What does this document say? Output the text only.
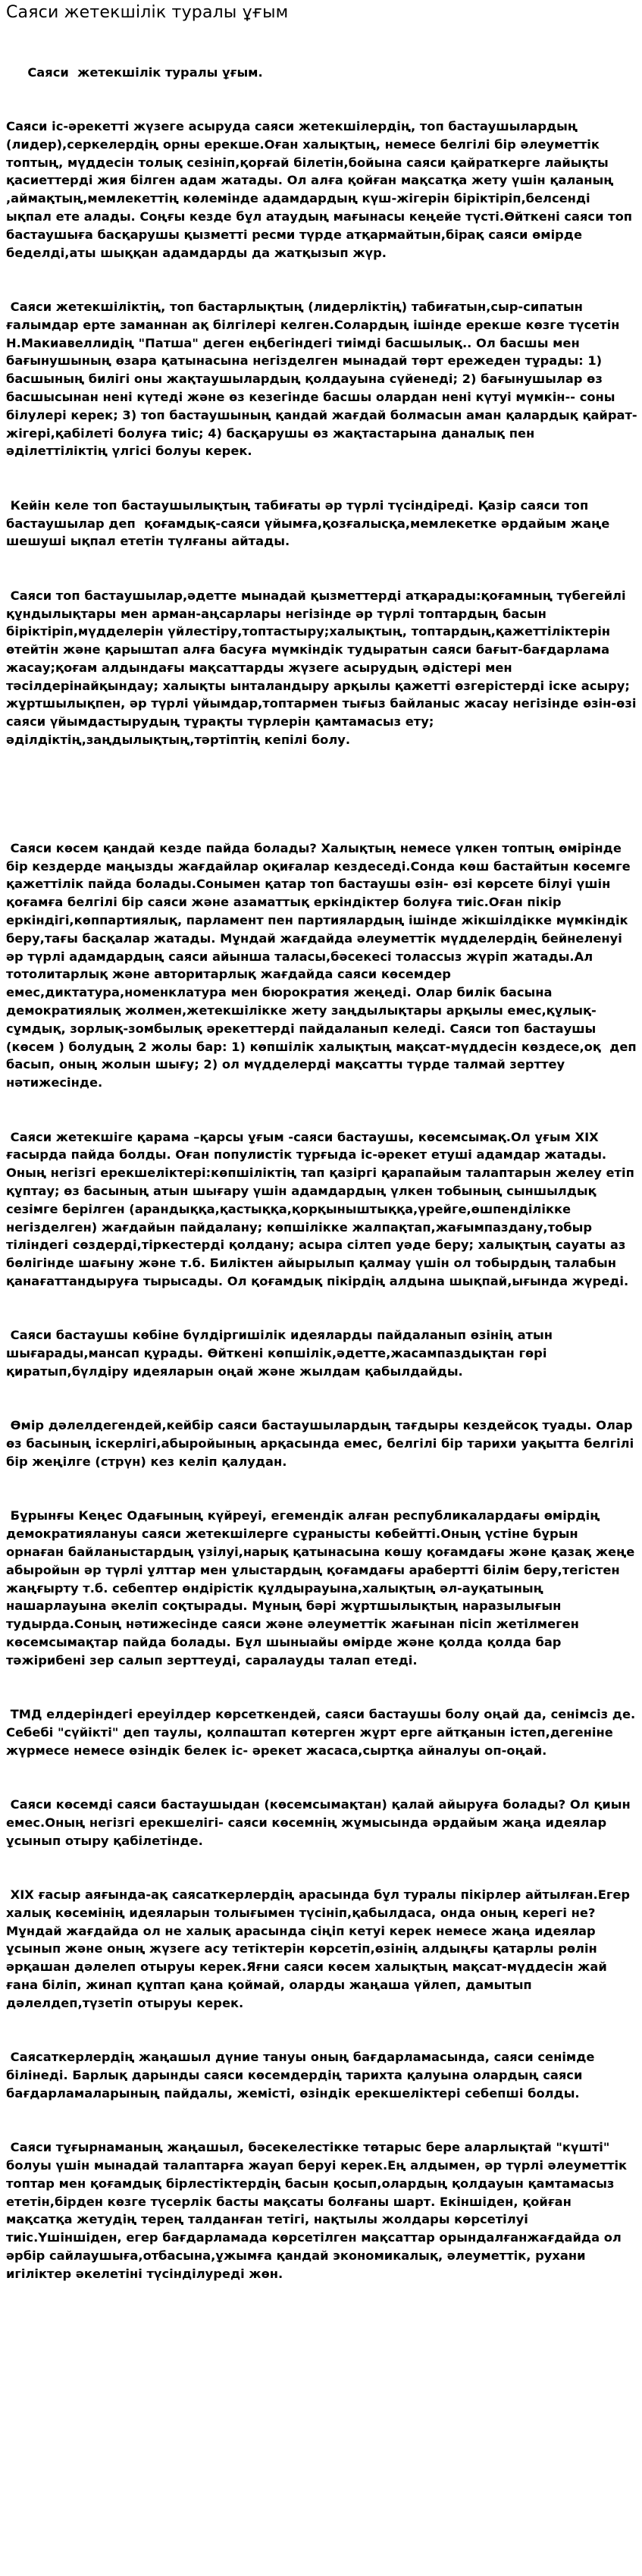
Саяси жетекшілік туралы ұғым

Саяси  жетекшілік туралы ұғым.

Саяси іс-әрекетті жүзеге асыруда саяси жетекшілердің, топ бастаушылардың (лидер),серкелердің орны ерекше.Оған халықтың, немесе белгілі бір әлеуметтік топтың, мүддесін толық сезініп,қорғай білетін,бойына саяси қайраткерге лайықты қасиеттерді жия білген адам жатады. Ол алға қойған мақсатқа жету үшін қаланың ,аймақтың,мемлекеттің көлемінде адамдардың күш-жігерін біріктіріп,белсенді ықпал ете алады. Соңғы кезде бұл атаудың мағынасы кеңейе түсті.Өйткені саяси топ бастаушыға басқарушы қызметті ресми түрде атқармайтын,бірақ саяси өмірде беделді,аты шыққан адамдарды да жатқызып жүр.

Саяси жетекшіліктің, топ бастарлықтың (лидерліктің) табиғатын,сыр-сипатын ғалымдар ерте заманнан ақ білгілері келген.Солардың ішінде ерекше көзге түсетін Н.Макиавеллидің "Патша" деген еңбегіндегі тиімді басшылық.. Ол басшы мен бағынушының өзара қатынасына негізделген мынадай төрт ережеден тұрады: 1) басшының билігі оны жақтаушылардың қолдауына сүйенеді; 2) бағынушылар өз басшысынан нені күтеді және өз кезегінде басшы олардан нені күтуі мүмкін-- соны білулері керек; 3) топ бастаушының қандай жағдай болмасын аман қалардық қайрат-жігері,қабілеті болуға тиіс; 4) басқарушы өз жақтастарына даналық пен әділеттіліктің үлгісі болуы керек.

Кейін келе топ бастаушылықтың табиғаты әр түрлі түсіндіреді. Қазір саяси топ бастаушылар деп  қоғамдық-саяси үйымға,қозғалысқа,мемлекетке әрдайым жаңе шешуші ықпал ететін түлғаны айтады.

Саяси топ бастаушылар,әдетте мынадай қызметтерді атқарады:қоғамның түбегейлі құндылықтары мен арман-аңсарлары негізінде әр түрлі топтардың басын біріктіріп,мүдделерін үйлестіру,топтастыру;халықтың, топтардың,қажеттіліктерін өтейтін және қарыштап алға басуға мүмкіндік тудыратын саяси бағыт-бағдарлама жасау;қоғам алдындағы мақсаттарды жүзеге асырудың әдістері мен тәсілдерінайқындау; халықты ынталандыру арқылы қажетті өзгерістерді іске асыру; жұртшылықпен, әр түрлі үйымдар,топтармен тығыз байланыс жасау негізінде өзін-өзі саяси үйымдастырудың тұрақты түрлерін қамтамасыз ету; әділдіктің,заңдылықтың,тәртіптің кепілі болу.

Саяси көсем қандай кезде пайда болады? Халықтың немесе үлкен топтың өмірінде бір кездерде маңызды жағдайлар оқиғалар кездеседі.Сонда көш бастайтын көсемге қажеттілік пайда болады.Сонымен қатар топ бастаушы өзін- өзі көрсете білуі үшін қоғамға белгілі бір саяси және азаматтық еркіндіктер болуға тиіс.Оған пікір еркіндігі,көппартиялық, парламент пен партиялардың ішінде жікшілдікке мүмкіндік беру,тағы басқалар жатады. Мұндай жағдайда әлеуметтік мүдделердің бейнеленуі әр түрлі адамдардың саяси айынша таласы,бәсекесі толассыз жүріп жатады.Ал тотолитарлық және авторитарлық жағдайда саяси көсемдер емес,диктатура,номенклатура мен бюрократия жеңеді. Олар билік басына демократиялық жолмен,жетекшілікке жету заңдылықтары арқылы емес,құлық-сұмдық, зорлық-зомбылық әрекеттерді пайдаланып келеді. Саяси топ бастаушы (көсем ) болудың 2 жолы бар: 1) көпшілік халықтың мақсат-мүддесін көздесе,оқ  деп басып, оның жолын шығу; 2) ол мүдделерді мақсатты түрде талмай зерттеу нәтижесінде.

Саяси жетекшіге қарама –қарсы ұғым -саяси бастаушы, көсемсымақ.Ол ұғым ХІХ ғасырда пайда болды. Оған популистік тұрғыда іс-әрекет етуші адамдар жатады. Оның негізгі ерекшеліктері:көпшіліктің тап қазіргі қарапайым талаптарын желеу етіп құптау; өз басының атын шығару үшін адамдардың үлкен тобының сыншылдық сезімге берілген (арандыққа,қастыққа,қорқыныштыққа,үрейге,өшпенділікке негізделген) жағдайын пайдалану; көпшілікке жалпақтап,жағымпаздану,тобыр тіліндегі сөздерді,тіркестерді қолдану; асыра сілтеп уәде беру; халықтың сауаты аз бөлігінде шағыну және т.б. Биліктен айырылып қалмау үшін ол тобырдың талабын қанағаттандыруға тырысады. Ол қоғамдық пікірдің алдына шықпай,ығында жүреді.

Саяси бастаушы көбіне бүлдіргишілік идеяларды пайдаланып өзінің атын шығарады,мансап құрады. Өйткені көпшілік,әдетте,жасампаздықтан гөрі қиратып,бүлдіру идеяларын оңай және жылдам қабылдайды.

Өмір дәлелдегендей,кейбір саяси бастаушылардың тағдыры кездейсоқ туады. Олар өз басының іскерлігі,абыройының арқасында емес, белгілі бір тарихи уақытта белгілі бір жеңілге (стрүн) кез келіп қалудан.

Бұрынғы Кеңес Одағының күйреуі, егемендік алған республикалардағы өмірдің демократиялануы саяси жетекшілерге сұранысты көбейтті.Оның үстіне бұрын орнаған байланыстардың үзілуі,нарық қатынасына көшу қоғамдағы және қазақ жеңе абыройын әр түрлі ұлттар мен ұлыстардың қоғамдағы арабертті білім беру,тегістен жаңғырту т.б. себептер өндірістік құлдырауына,халықтың әл-ауқатының нашарлауына әкеліп соқтырады. Мұның бәрі жұртшылықтың наразылығын тудырда.Соның нәтижесінде саяси және әлеуметтік жағынан пісіп жетілмеген көсемсымақтар пайда болады. Бұл шыныайы өмірде және қолда қолда бар тәжірибені зер салып зерттеуді, саралауды талап етеді.

ТМД елдеріндегі ереуілдер көрсеткендей, саяси бастаушы болу оңай да, сенімсіз де. Себебі "сүйікті" деп таулы, қолпаштап көтерген жұрт ерге айтқанын істеп,дегеніне жүрмесе немесе өзіндік белек іс- әрекет жасаса,сыртқа айналуы оп-оңай.

Саяси көсемді саяси бастаушыдан (көсемсымақтан) қалай айыруға болады? Ол қиын емес.Оның негізгі ерекшелігі- саяси көсемнің жұмысында әрдайым жаңа идеялар ұсынып отыру қабілетінде.

ХІХ ғасыр аяғында-ақ саясаткерлердің арасында бұл туралы пікірлер айтылған.Егер халық көсемінің идеяларын толығымен түсініп,қабылдаса, онда оның керегі не? Мұндай жағдайда ол не халық арасында сіңіп кетуі керек немесе жаңа идеялар ұсынып және оның жүзеге асу тетіктерін көрсетіп,өзінің алдыңғы қатарлы рөлін әрқашан дәлелеп отыруы керек.Яғни саяси көсем халықтың мақсат-мүддесін жай ғана біліп, жинап құптап қана қоймай, оларды жаңаша үйлеп, дамытып дәлелдеп,түзетіп отыруы керек.

Саясаткерлердің жаңашыл дүние тануы оның бағдарламасында, саяси сенімде білінеді. Барлық дарынды саяси көсемдердің тарихта қалуына олардың саяси бағдарламаларының пайдалы, жемісті, өзіндік ерекшеліктері себепші болды.

Саяси тұғырнаманың жаңашыл, бәсекелестікке төтарыс бере аларлықтай "күшті" болуы үшін мынадай талаптарға жауап беруі керек.Ең алдымен, әр түрлі әлеуметтік топтар мен қоғамдық бірлестіктердің басын қосып,олардың қолдауын қамтамасыз ететін,бірден көзге түсерлік басты мақсаты болғаны шарт. Екіншіден, қойған мақсатқа жетудің терең талданған тетігі, нақтылы жолдары көрсетілуі тиіс.Үшіншіден, егер бағдарламада көрсетілген мақсаттар орындалғанжағдайда ол әрбір сайлаушыға,отбасына,ұжымға қандай экономикалық, әлеуметтік, рухани игіліктер әкелетіні түсінділуреді жөн.
